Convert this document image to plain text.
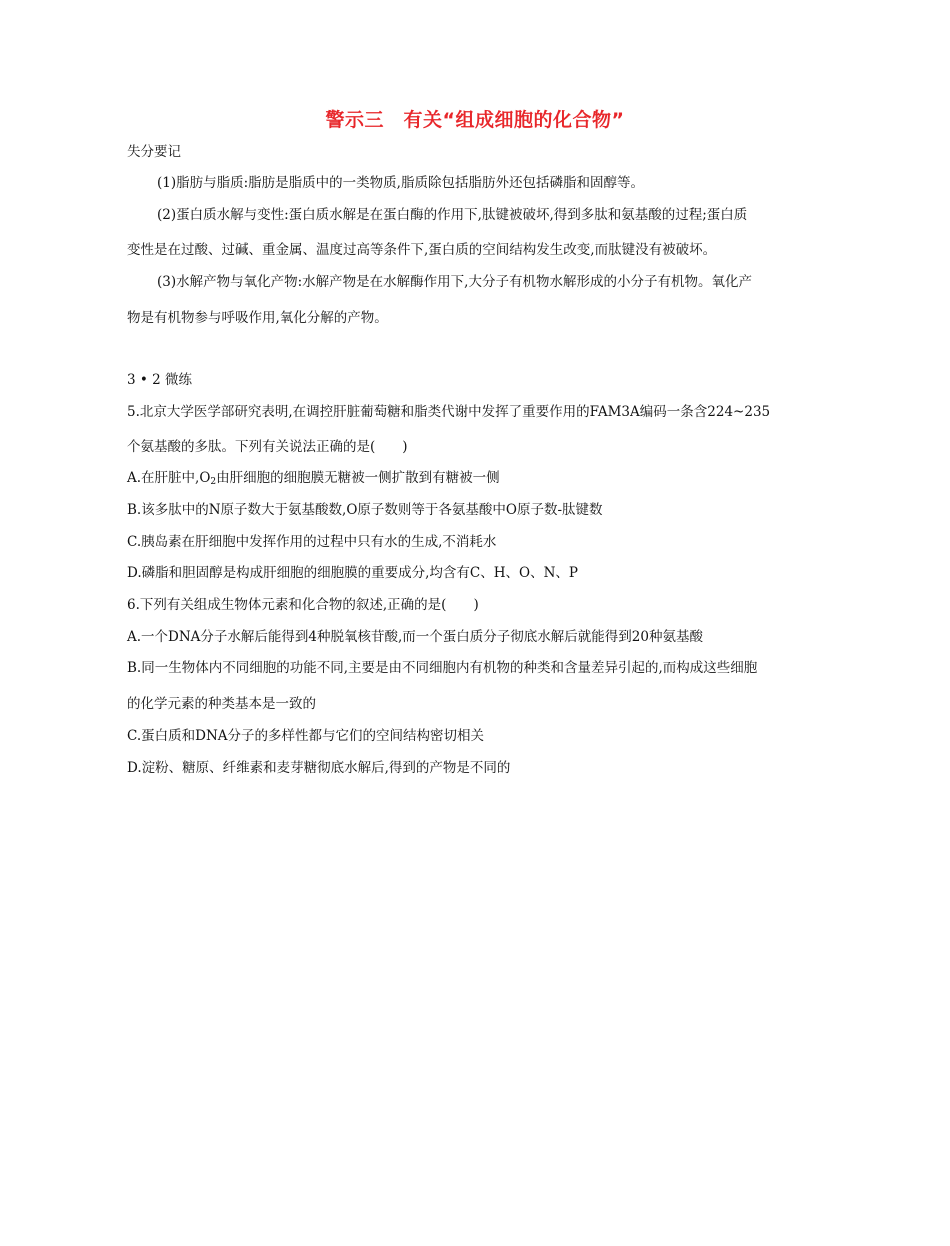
警示三　有关“组成细胞的化合物”
失分要记
(1)脂肪与脂质:脂肪是脂质中的一类物质,脂质除包括脂肪外还包括磷脂和固醇等。
(2)蛋白质水解与变性:蛋白质水解是在蛋白酶的作用下,肽键被破坏,得到多肽和氨基酸的过程;蛋白质
变性是在过酸、过碱、重金属、温度过高等条件下,蛋白质的空间结构发生改变,而肽键没有被破坏。
(3)水解产物与氧化产物:水解产物是在水解酶作用下,大分子有机物水解形成的小分子有机物。氧化产
物是有机物参与呼吸作用,氧化分解的产物。
3 • 2 微练
5.北京大学医学部研究表明,在调控肝脏葡萄糖和脂类代谢中发挥了重要作用的FAM3A编码一条含224~235
个氨基酸的多肽。下列有关说法正确的是(　　)
A.在肝脏中$,O_2$由肝细胞的细胞膜无糖被一侧扩散到有糖被一侧
B.该多肽中的N原子数大于氨基酸数,O原子数则等于各氨基酸中O原子数-肽键数
C.胰岛素在肝细胞中发挥作用的过程中只有水的生成,不消耗水
D.磷脂和胆固醇是构成肝细胞的细胞膜的重要成分,均含有C、H、O、N、P
6.下列有关组成生物体元素和化合物的叙述,正确的是(　　)
A.一个DNA分子水解后能得到4种脱氧核苷酸,而一个蛋白质分子彻底水解后就能得到20种氨基酸
B.同一生物体内不同细胞的功能不同,主要是由不同细胞内有机物的种类和含量差异引起的,而构成这些细胞
的化学元素的种类基本是一致的
C.蛋白质和DNA分子的多样性都与它们的空间结构密切相关
D.淀粉、糖原、纤维素和麦芽糖彻底水解后,得到的产物是不同的
